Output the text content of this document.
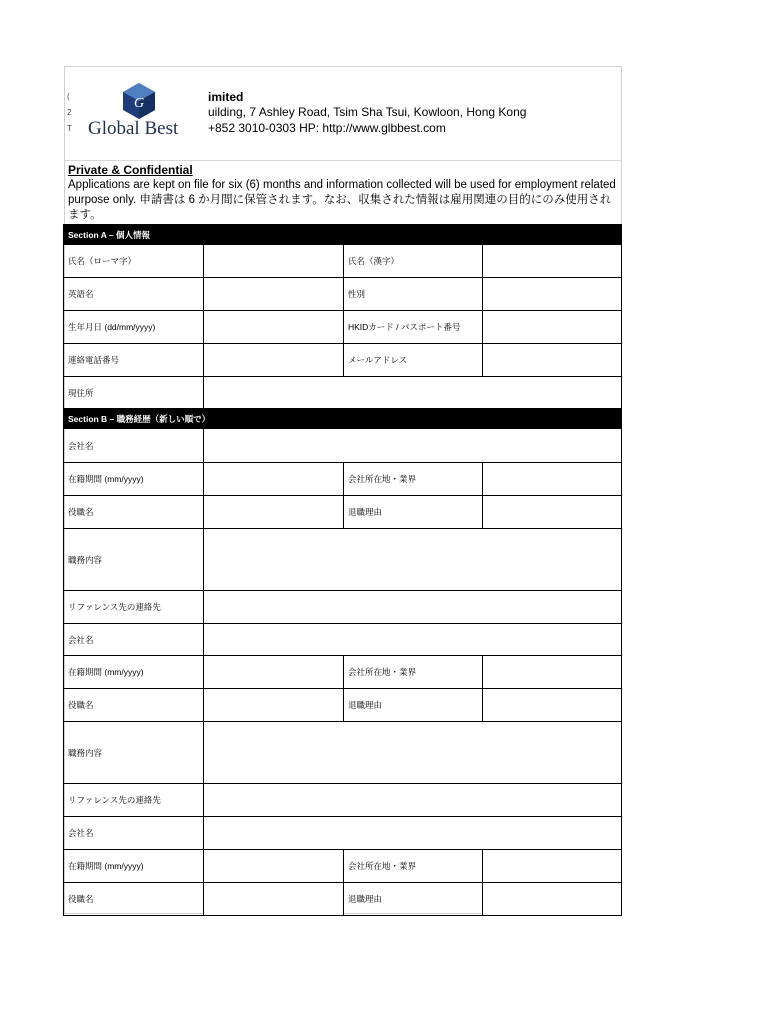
(
2
T
G
Global Best
imited
uilding, 7 Ashley Road, Tsim Sha Tsui, Kowloon, Hong Kong
+852 3010-0303 HP: http://www.glbbest.com
Private & Confidential
Applications are kept on file for six (6) months and information collected will be used for employment related purpose only. 申請書は 6 か月間に保管されます。なお、収集された情報は雇用関連の目的にのみ使用されます。
Section A – 個人情報			
氏名（ローマ字）		氏名（漢字）	
英語名		性別	
生年月日 (dd/mm/yyyy)		HKIDカード / パスポート番号	
連絡電話番号		メールアドレス	
現住所			
Section B – 職務経歴（新しい順で）			
会社名			
在籍期間 (mm/yyyy)		会社所在地・業界	
役職名		退職理由	
職務内容			
リファレンス先の連絡先			
会社名			
在籍期間 (mm/yyyy)		会社所在地・業界	
役職名		退職理由	
職務内容			
リファレンス先の連絡先			
会社名			
在籍期間 (mm/yyyy)		会社所在地・業界	
役職名		退職理由	
